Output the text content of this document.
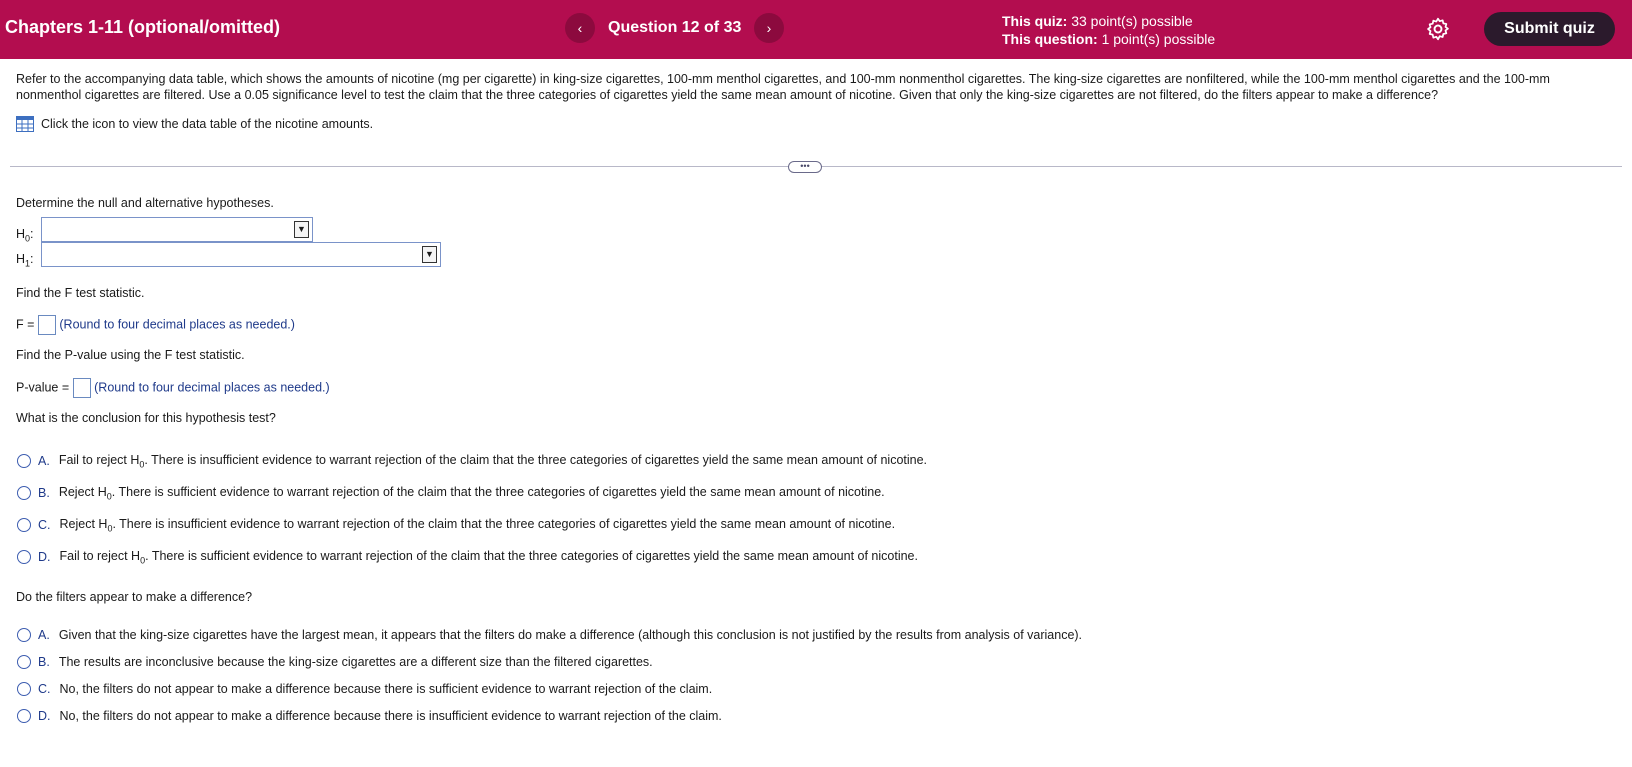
Chapters 1-11 (optional/omitted)	‹	Question 12 of 33	›	This quiz: 33 point(s) possible
This question: 1 point(s) possible
Submit quiz
Refer to the accompanying data table, which shows the amounts of nicotine (mg per cigarette) in king-size cigarettes, 100-mm menthol cigarettes, and 100-mm nonmenthol cigarettes. The king-size cigarettes are nonfiltered, while the 100-mm menthol cigarettes and the 100-mm nonmenthol cigarettes are filtered. Use a 0.05 significance level to test the claim that the three categories of cigarettes yield the same mean amount of nicotine. Given that only the king-size cigarettes are not filtered, do the filters appear to make a difference?
Click the icon to view the data table of the nicotine amounts.
•••
Determine the null and alternative hypotheses.
$H_0$:	▼
$H_1$:	▼
Find the F test statistic.
F = (Round to four decimal places as needed.)
Find the P-value using the F test statistic.
P-value = (Round to four decimal places as needed.)
What is the conclusion for this hypothesis test?
A. Fail to reject $H_0$. There is insufficient evidence to warrant rejection of the claim that the three categories of cigarettes yield the same mean amount of nicotine.
B. Reject $H_0$. There is sufficient evidence to warrant rejection of the claim that the three categories of cigarettes yield the same mean amount of nicotine.
C. Reject $H_0$. There is insufficient evidence to warrant rejection of the claim that the three categories of cigarettes yield the same mean amount of nicotine.
D. Fail to reject $H_0$. There is sufficient evidence to warrant rejection of the claim that the three categories of cigarettes yield the same mean amount of nicotine.
Do the filters appear to make a difference?
A. Given that the king-size cigarettes have the largest mean, it appears that the filters do make a difference (although this conclusion is not justified by the results from analysis of variance).
B. The results are inconclusive because the king-size cigarettes are a different size than the filtered cigarettes.
C. No, the filters do not appear to make a difference because there is sufficient evidence to warrant rejection of the claim.
D. No, the filters do not appear to make a difference because there is insufficient evidence to warrant rejection of the claim.
